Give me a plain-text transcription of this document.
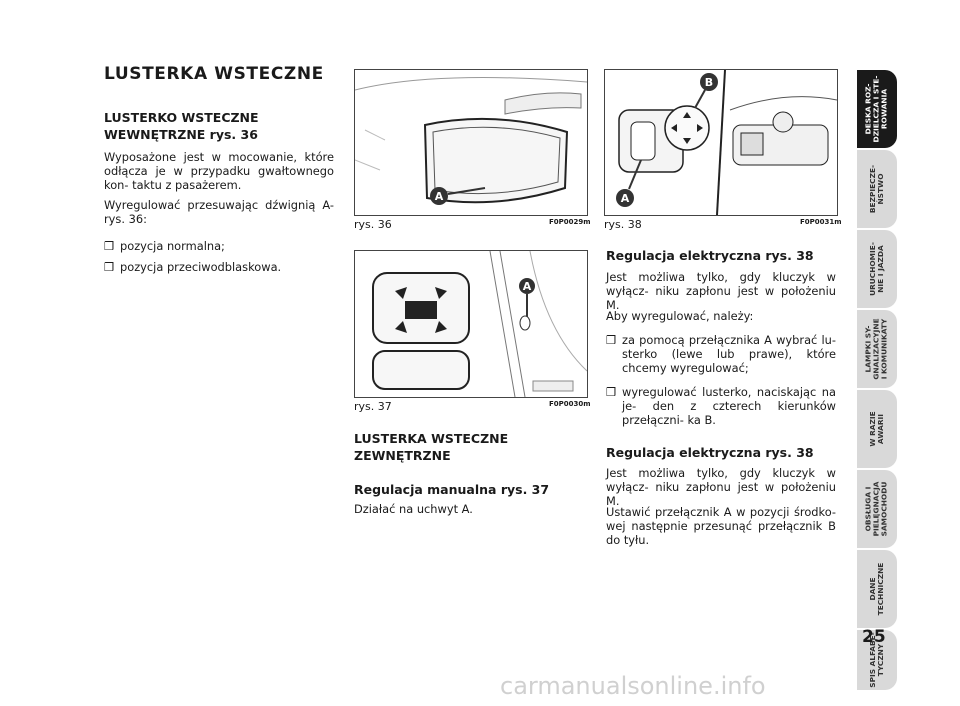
LUSTERKA WSTECZNE
LUSTERKO WSTECZNE WEWNĘTRZNE rys. 36
Wyposażone jest w mocowanie, które odłącza je w przypadku gwałtownego kon- taktu z pasażerem.
Wyregulować przesuwając dźwignią A- rys. 36:
❒ pozycja normalna;
❒ pozycja przeciwodblaskowa.
A
rys. 36	F0P0029m
A
rys. 37	F0P0030m
LUSTERKA WSTECZNE ZEWNĘTRZNE
Regulacja manualna rys. 37
Działać na uchwyt A.
B
A
rys. 38	F0P0031m
Regulacja elektryczna rys. 38
Jest możliwa tylko, gdy kluczyk w wyłącz- niku zapłonu jest w położeniu M.
Aby wyregulować, należy:
❒ za pomocą przełącznika A wybrać lu- sterko (lewe lub prawe), które chcemy wyregulować;
❒ wyregulować lusterko, naciskając na je- den z czterech kierunków przełączni- ka B.
Regulacja elektryczna rys. 38
Jest możliwa tylko, gdy kluczyk w wyłącz- niku zapłonu jest w położeniu M.
Ustawić przełącznik A w pozycji środko- wej następnie przesunąć przełącznik B do tyłu.
DESKA ROZ-
DZIELCZA I STE-
ROWANIA
BEZPIECZE-
ŃSTWO
URUCHOMIE-
NIE I JAZDA
LAMPKI SY-
GNALIZACYJNE
I KOMUNIKATY
W RAZIE
AWARII
OBSŁUGA I
PIELĘGNACJA
SAMOCHODU
DANE
TECHNICZNE
SPIS ALFABE-
TYCZNY
25
carmanualsonline.info
